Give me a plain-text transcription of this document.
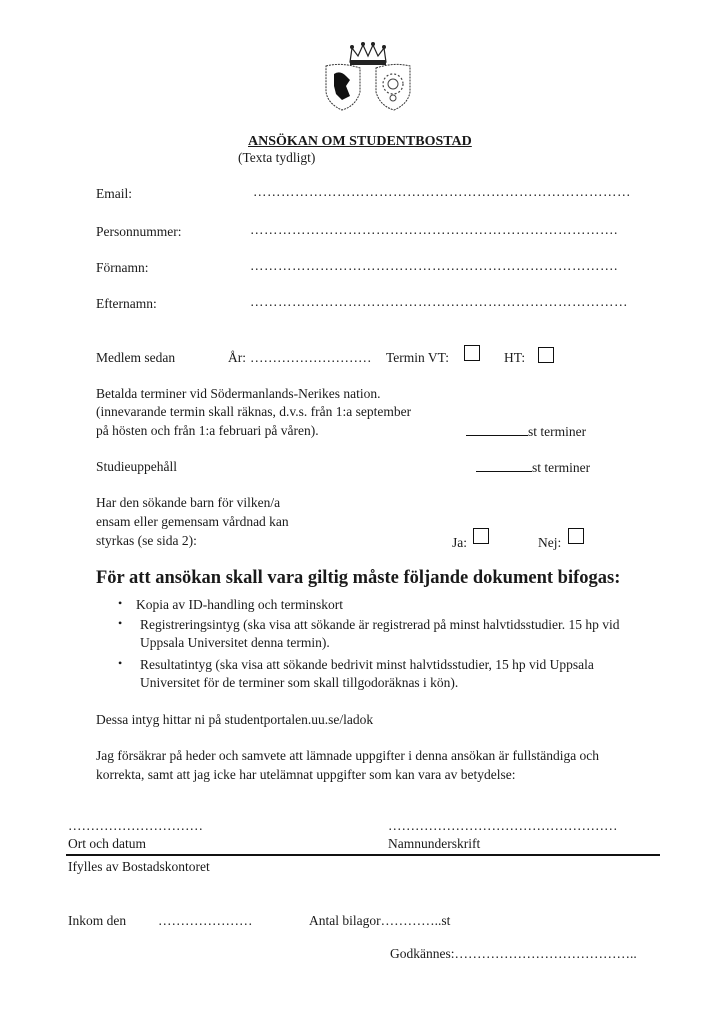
ANSÖKAN OM STUDENTBOSTAD
(Texta tydligt)
Email:	………………………………………………………………………
Personnummer:	…………………………………………………………………….
Förnamn:	…………………………………………………………………….
Efternamn:	………………………………………………………………………
Medlem sedan	År: ………………………	Termin VT:	HT:
Betalda terminer vid Södermanlands-Nerikes nation.
(innevarande termin skall räknas, d.v.s. från 1:a september
på hösten och från 1:a februari på våren).	st terminer
Studieuppehåll	st terminer
Har den sökande barn för vilken/a
ensam eller gemensam vårdnad kan
styrkas (se sida 2):	Ja:	Nej:
För att ansökan skall vara giltig måste följande dokument bifogas:
• Kopia av ID-handling och terminskort
• Registreringsintyg (ska visa att sökande är registrerad på minst halvtidsstudier. 15 hp vid
Uppsala Universitet denna termin).
• Resultatintyg (ska visa att sökande bedrivit minst halvtidsstudier, 15 hp vid Uppsala
Universitet för de terminer som skall tillgodoräknas i kön).
Dessa intyg hittar ni på studentportalen.uu.se/ladok
Jag försäkrar på heder och samvete att lämnade uppgifter i denna ansökan är fullständiga och
korrekta, samt att jag icke har utelämnat uppgifter som kan vara av betydelse:
…………………………
Ort och datum
……………………………………………
Namnunderskrift
Ifylles av Bostadskontoret
Inkom den …………………	Antal bilagor…………..st
Godkännes:…………………………………..
